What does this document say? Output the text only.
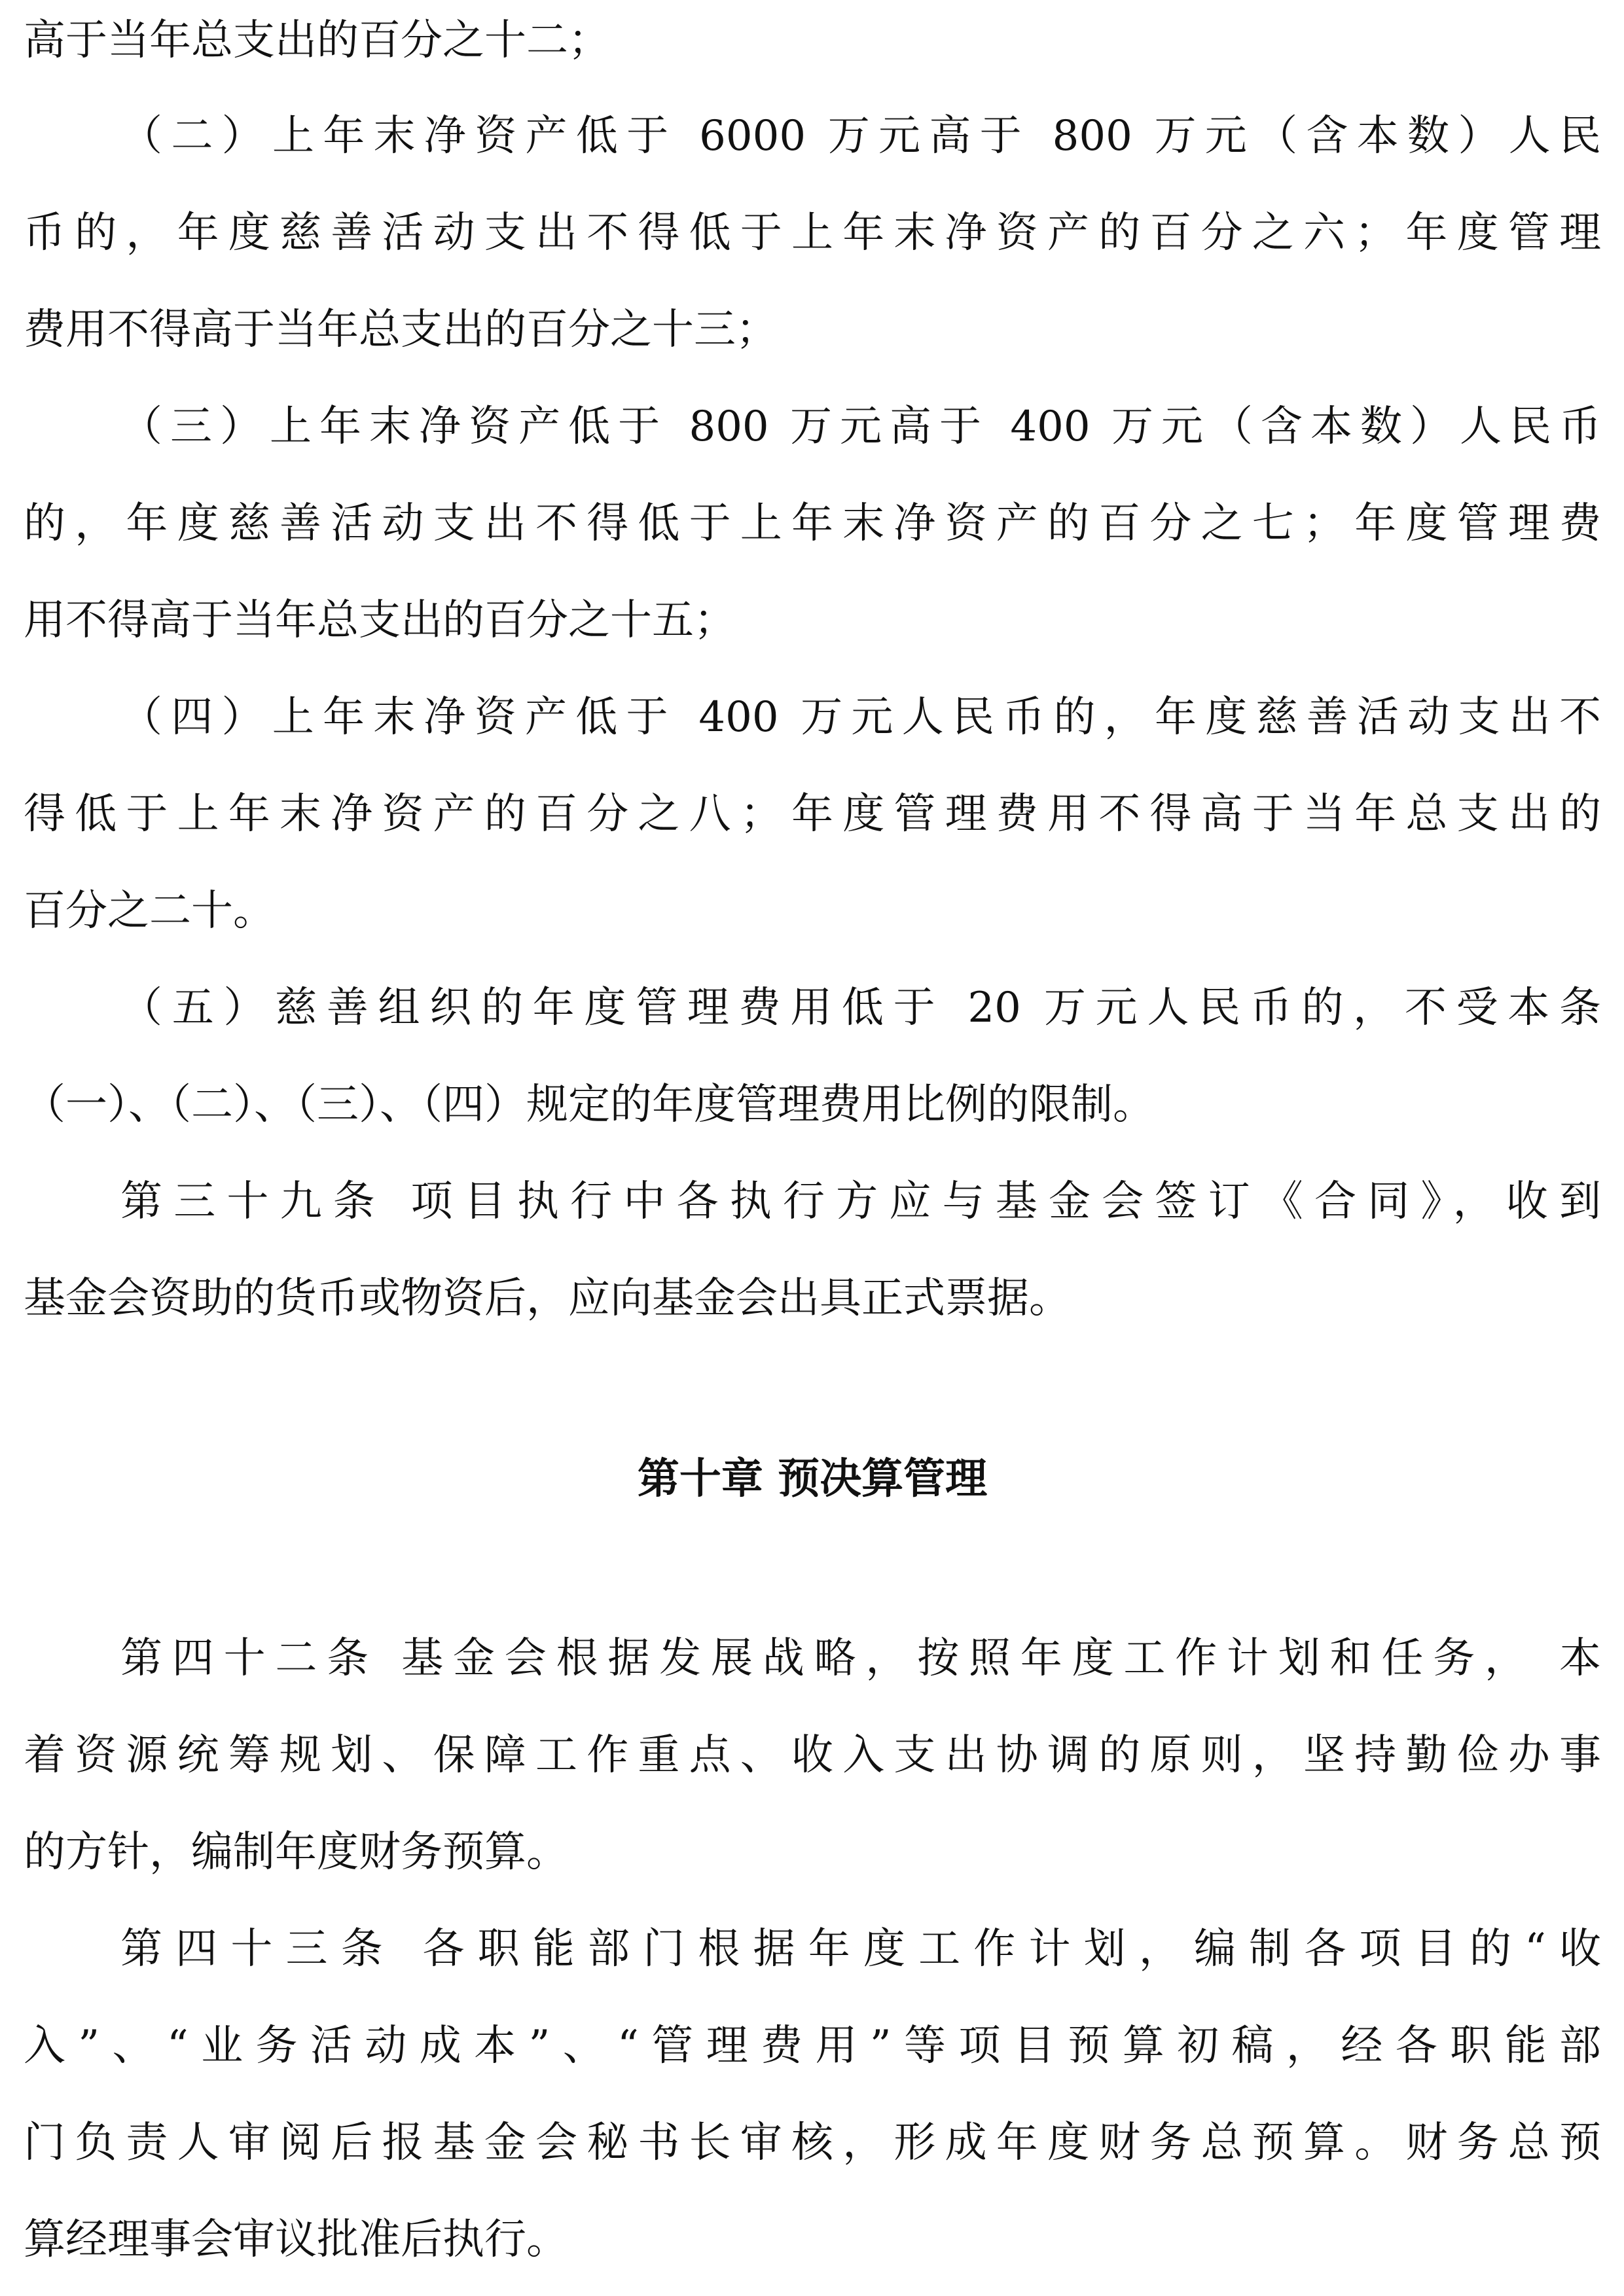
高于当年总支出的百分之十二；
（二）上年末净资产低于 6000 万元高于 800 万元（含本数）人民
币的，年度慈善活动支出不得低于上年末净资产的百分之六；年度管理
费用不得高于当年总支出的百分之十三；
（三）上年末净资产低于 800 万元高于 400 万元（含本数）人民币
的，年度慈善活动支出不得低于上年末净资产的百分之七；年度管理费
用不得高于当年总支出的百分之十五；
（四）上年末净资产低于 400 万元人民币的，年度慈善活动支出不
得低于上年末净资产的百分之八；年度管理费用不得高于当年总支出的
百分之二十。
（五）慈善组织的年度管理费用低于 20 万元人民币的，不受本条
（一）、（二）、（三）、（四）规定的年度管理费用比例的限制。
第三十九条 项目执行中各执行方应与基金会签订《合同》，收到
基金会资助的货币或物资后，应向基金会出具正式票据。
第十章 预决算管理
第四十二条 基金会根据发展战略，按照年度工作计划和任务， 本
着资源统筹规划、保障工作重点、收入支出协调的原则，坚持勤俭办事
的方针，编制年度财务预算。
第四十三条 各职能部门根据年度工作计划，编制各项目的“收
入”、“业务活动成本”、“管理费用”等项目预算初稿，经各职能部
门负责人审阅后报基金会秘书长审核，形成年度财务总预算。财务总预
算经理事会审议批准后执行。
